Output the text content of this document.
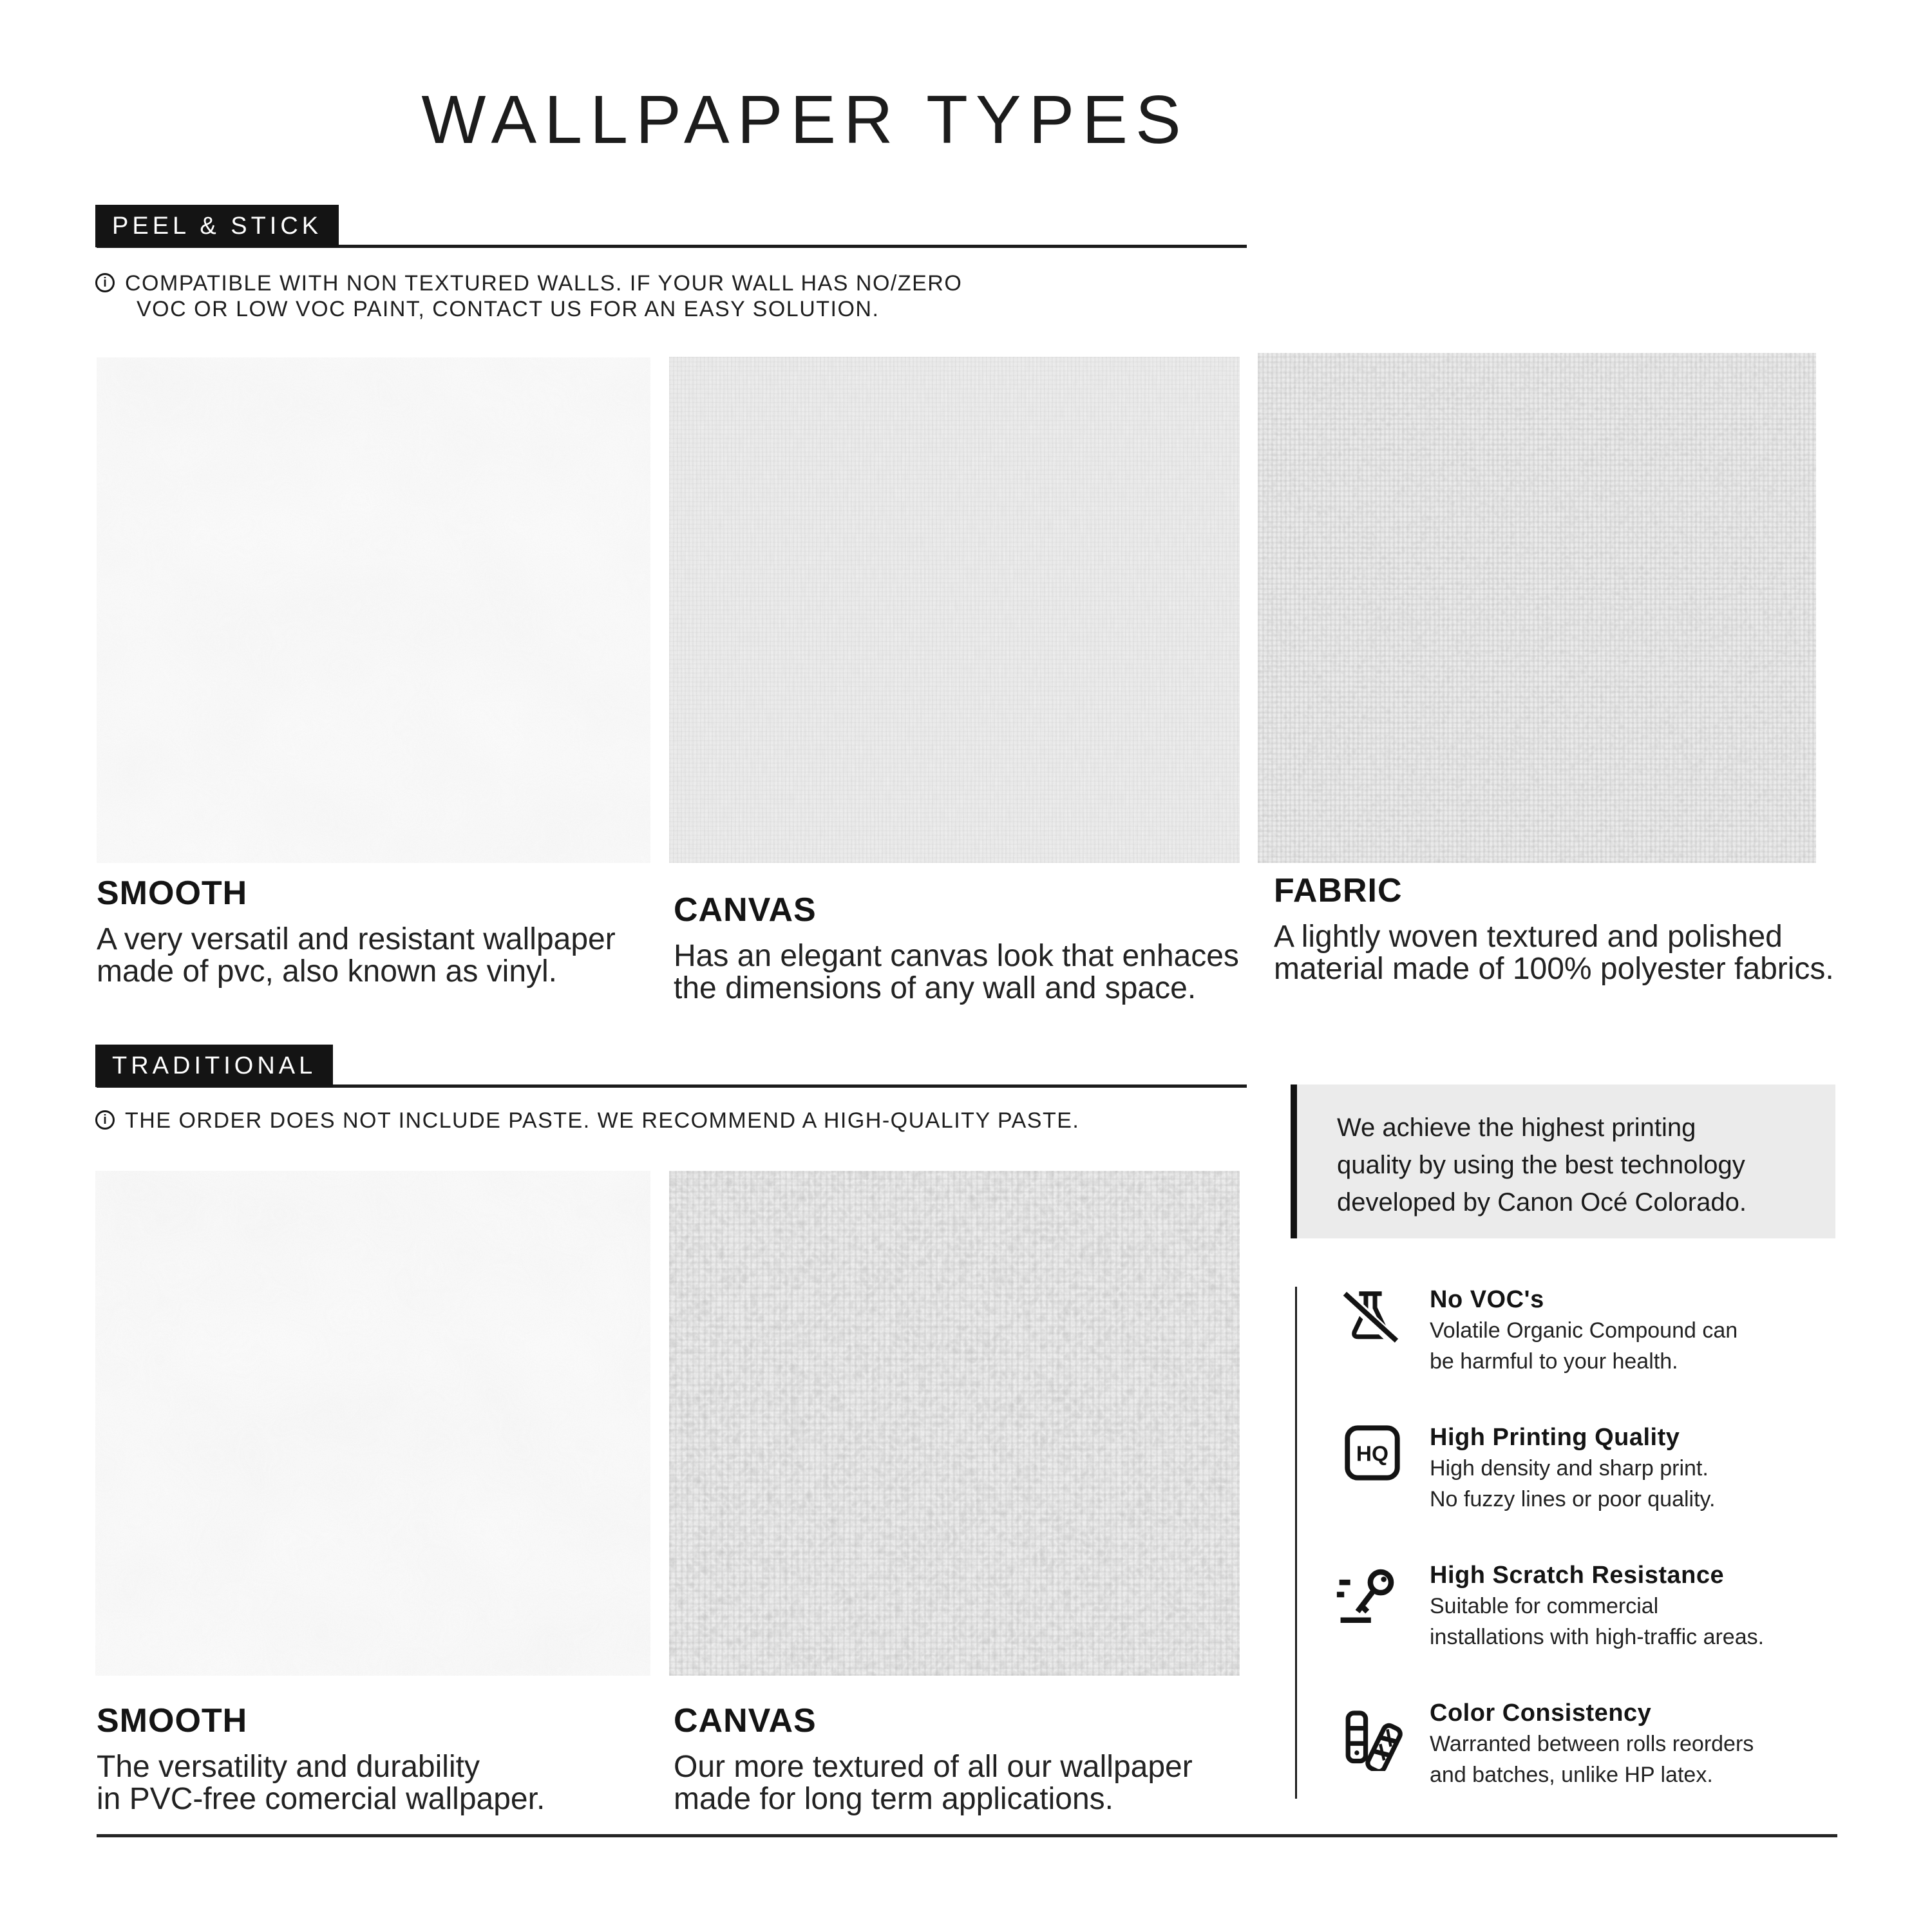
WALLPAPER TYPES
PEEL & STICK
i COMPATIBLE WITH NON TEXTURED WALLS. IF YOUR WALL HAS NO/ZERO
VOC OR LOW VOC PAINT, CONTACT US FOR AN EASY SOLUTION.
SMOOTH
A very versatil and resistant wallpaper
made of pvc, also known as vinyl.
CANVAS
Has an elegant canvas look that enhaces
the dimensions of any wall and space.
FABRIC
A lightly woven textured and polished
material made of 100% polyester fabrics.
TRADITIONAL
i THE ORDER DOES NOT INCLUDE PASTE. WE RECOMMEND A HIGH-QUALITY PASTE.
SMOOTH
The versatility and durability
in PVC-free comercial wallpaper.
CANVAS
Our more textured of all our wallpaper
made for long term applications.
We achieve the highest printing
quality by using the best technology
developed by Canon Océ Colorado.
HQ
No VOC's
Volatile Organic Compound can
be harmful to your health.
High Printing Quality
High density and sharp print.
No fuzzy lines or poor quality.
High Scratch Resistance
Suitable for commercial
installations with high-traffic areas.
Color Consistency
Warranted between rolls reorders
and batches, unlike HP latex.
